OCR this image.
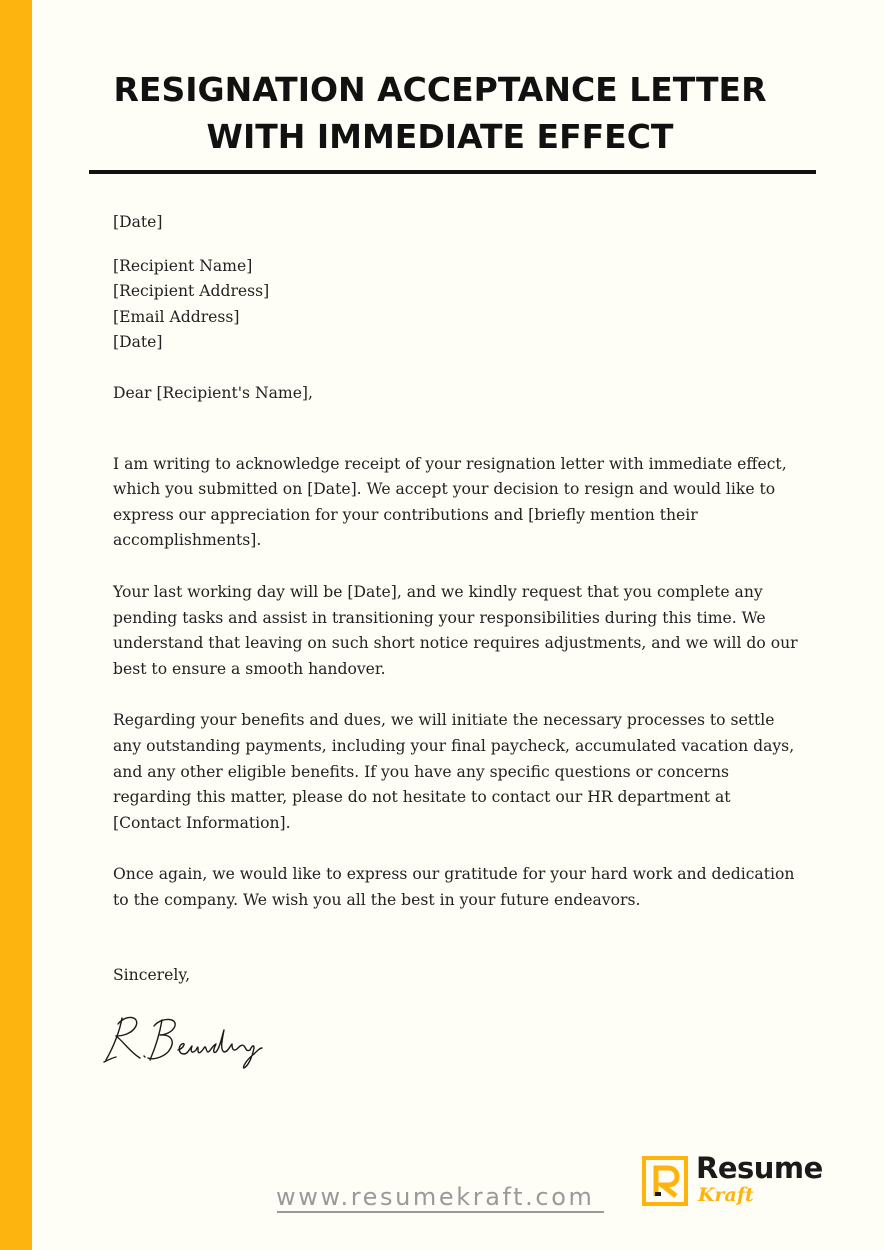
RESIGNATION ACCEPTANCE LETTER
WITH IMMEDIATE EFFECT

[Date]

[Recipient Name]

[Recipient Address]

[Email Address]

[Date]

Dear [Recipient's Name],

I am writing to acknowledge receipt of your resignation letter with immediate effect, which you submitted on [Date]. We accept your decision to resign and would like to express our appreciation for your contributions and [briefly mention their accomplishments].

Your last working day will be [Date], and we kindly request that you complete any pending tasks and assist in transitioning your responsibilities during this time. We understand that leaving on such short notice requires adjustments, and we will do our best to ensure a smooth handover.

Regarding your benefits and dues, we will initiate the necessary processes to settle any outstanding payments, including your final paycheck, accumulated vacation days, and any other eligible benefits. If you have any specific questions or concerns regarding this matter, please do not hesitate to contact our HR department at [Contact Information].

Once again, we would like to express our gratitude for your hard work and dedication to the company. We wish you all the best in your future endeavors.

Sincerely,

www.resumekraft.com
Resume
Kraft
